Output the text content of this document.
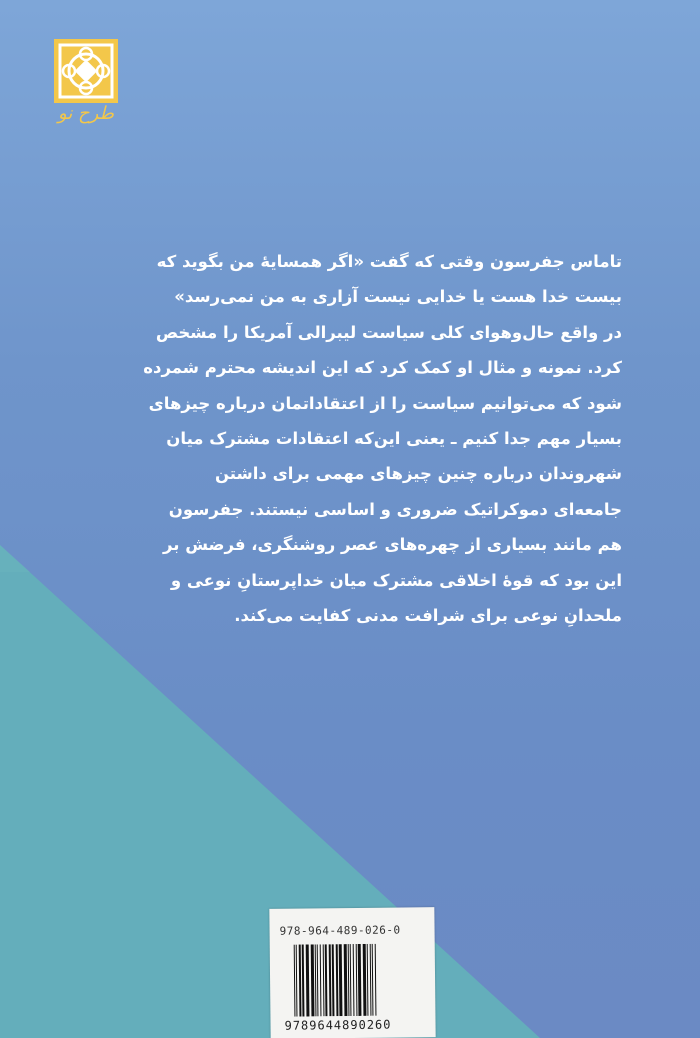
طرح نو

تاماس جفرسون وقتی که گفت «اگر همسایهٔ من بگوید که
بیست خدا هست یا خدایی نیست آزاری به من نمی‌رسد»
در واقع حال‌وهوای کلی سیاست لیبرالی آمریکا را مشخص
کرد. نمونه و مثال او کمک کرد که این اندیشه محترم شمرده
شود که می‌توانیم سیاست را از اعتقاداتمان درباره چیزهای
بسیار مهم جدا کنیم ـ یعنی این‌که اعتقادات مشترک میان
شهروندان درباره چنین چیزهای مهمی برای داشتن
جامعه‌ای دموکراتیک ضروری و اساسی نیستند. جفرسون
هم مانند بسیاری از چهره‌های عصر روشنگری، فرضش بر
این بود که قوهٔ اخلاقی مشترک میان خداپرستانِ نوعی و
ملحدانِ نوعی برای شرافت مدنی کفایت می‌کند.

978-964-489-026-0
9789644890260
